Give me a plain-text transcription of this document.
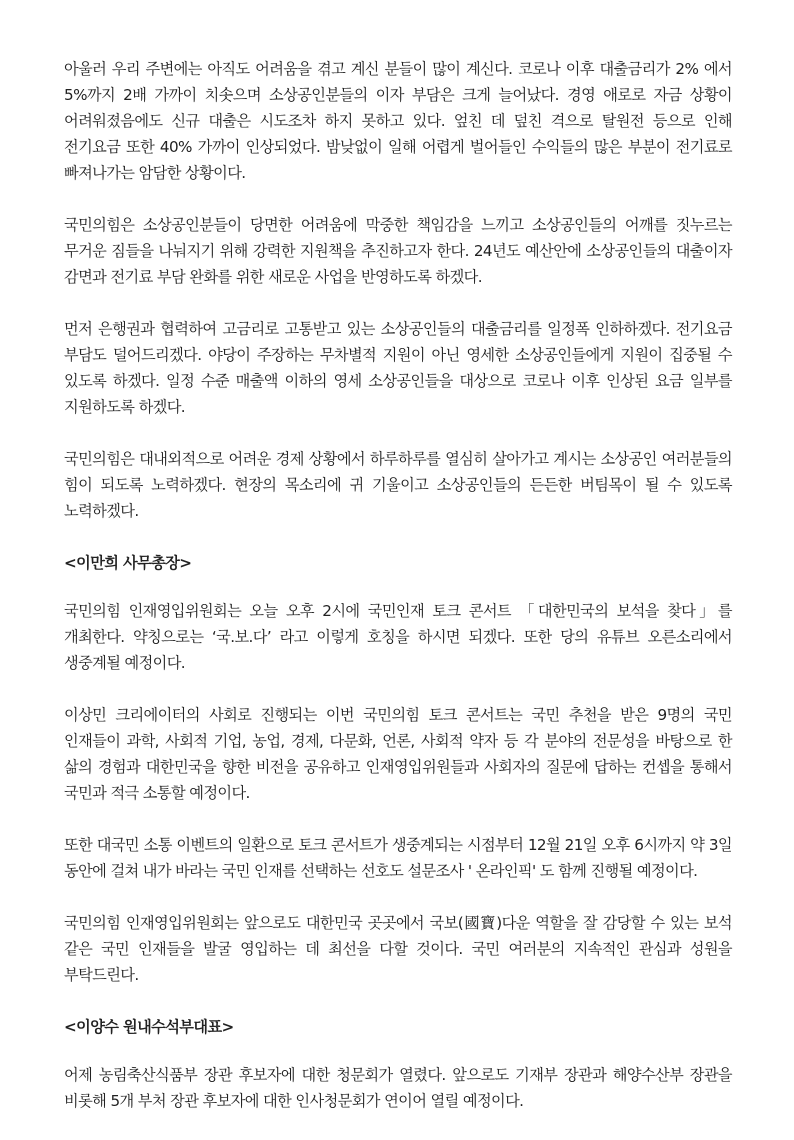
아울러 우리 주변에는 아직도 어려움을 겪고 계신 분들이 많이 계신다. 코로나 이후 대출금리가 2% 에서 5%까지 2배 가까이 치솟으며 소상공인분들의 이자 부담은 크게 늘어났다. 경영 애로로 자금 상황이 어려워졌음에도 신규 대출은 시도조차 하지 못하고 있다. 엎친 데 덮친 격으로 탈원전 등으로 인해 전기요금 또한 40% 가까이 인상되었다. 밤낮없이 일해 어렵게 벌어들인 수익들의 많은 부분이 전기료로 빠져나가는 암담한 상황이다.

국민의힘은 소상공인분들이 당면한 어려움에 막중한 책임감을 느끼고 소상공인들의 어깨를 짓누르는 무거운 짐들을 나눠지기 위해 강력한 지원책을 추진하고자 한다. 24년도 예산안에 소상공인들의 대출이자 감면과 전기료 부담 완화를 위한 새로운 사업을 반영하도록 하겠다.

먼저 은행권과 협력하여 고금리로 고통받고 있는 소상공인들의 대출금리를 일정폭 인하하겠다. 전기요금 부담도 덜어드리겠다. 야당이 주장하는 무차별적 지원이 아닌 영세한 소상공인들에게 지원이 집중될 수 있도록 하겠다. 일정 수준 매출액 이하의 영세 소상공인들을 대상으로 코로나 이후 인상된 요금 일부를 지원하도록 하겠다.

국민의힘은 대내외적으로 어려운 경제 상황에서 하루하루를 열심히 살아가고 계시는 소상공인 여러분들의 힘이 되도록 노력하겠다. 현장의 목소리에 귀 기울이고 소상공인들의 든든한 버팀목이 될 수 있도록 노력하겠다.

<이만희 사무총장>

국민의힘 인재영입위원회는 오늘 오후 2시에 국민인재 토크 콘서트 「대한민국의 보석을 찾다」를 개최한다. 약칭으로는 ‘국.보.다’ 라고 이렇게 호칭을 하시면 되겠다. 또한 당의 유튜브 오른소리에서 생중계될 예정이다.

이상민 크리에이터의 사회로 진행되는 이번 국민의힘 토크 콘서트는 국민 추천을 받은 9명의 국민 인재들이 과학, 사회적 기업, 농업, 경제, 다문화, 언론, 사회적 약자 등 각 분야의 전문성을 바탕으로 한 삶의 경험과 대한민국을 향한 비전을 공유하고 인재영입위원들과 사회자의 질문에 답하는 컨셉을 통해서 국민과 적극 소통할 예정이다.

또한 대국민 소통 이벤트의 일환으로 토크 콘서트가 생중계되는 시점부터 12월 21일 오후 6시까지 약 3일 동안에 걸쳐 내가 바라는 국민 인재를 선택하는 선호도 설문조사 ' 온라인픽' 도 함께 진행될 예정이다.

국민의힘 인재영입위원회는 앞으로도 대한민국 곳곳에서 국보(國寶)다운 역할을 잘 감당할 수 있는 보석 같은 국민 인재들을 발굴 영입하는 데 최선을 다할 것이다. 국민 여러분의 지속적인 관심과 성원을 부탁드린다.

<이양수 원내수석부대표>

어제 농림축산식품부 장관 후보자에 대한 청문회가 열렸다. 앞으로도 기재부 장관과 해양수산부 장관을 비롯해 5개 부처 장관 후보자에 대한 인사청문회가 연이어 열릴 예정이다.
